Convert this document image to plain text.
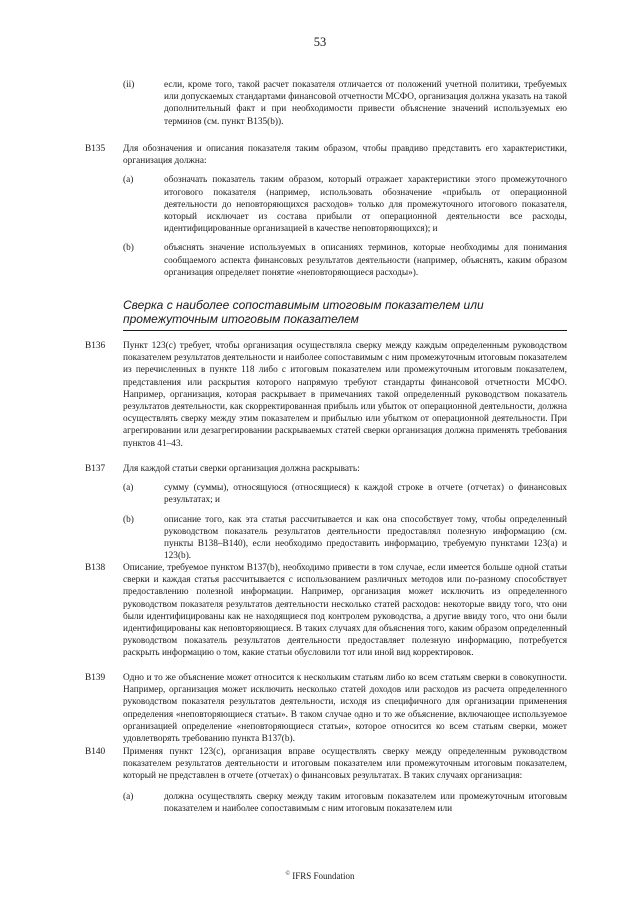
53
(ii)	если, кроме того, такой расчет показателя отличается от положений учетной политики, требуемых или допускаемых стандартами финансовой отчетности МСФО, организация должна указать на такой дополнительный факт и при необходимости привести объяснение значений используемых ею терминов (см. пункт B135(b)).
B135 Для обозначения и описания показателя таким образом, чтобы правдиво представить его характеристики, организация должна:
(a)	обозначать показатель таким образом, который отражает характеристики этого промежуточного итогового показателя (например, использовать обозначение «прибыль от операционной деятельности до неповторяющихся расходов» только для промежуточного итогового показателя, который исключает из состава прибыли от операционной деятельности все расходы, идентифицированные организацией в качестве неповторяющихся); и
(b)	объяснять значение используемых в описаниях терминов, которые необходимы для понимания сообщаемого аспекта финансовых результатов деятельности (например, объяснять, каким образом организация определяет понятие «неповторяющиеся расходы»).
Сверка с наиболее сопоставимым итоговым показателем или промежуточным итоговым показателем
B136 Пункт 123(c) требует, чтобы организация осуществляла сверку между каждым определенным руководством показателем результатов деятельности и наиболее сопоставимым с ним промежуточным итоговым показателем из перечисленных в пункте 118 либо с итоговым показателем или промежуточным итоговым показателем, представления или раскрытия которого напрямую требуют стандарты финансовой отчетности МСФО. Например, организация, которая раскрывает в примечаниях такой определенный руководством показатель результатов деятельности, как скорректированная прибыль или убыток от операционной деятельности, должна осуществлять сверку между этим показателем и прибылью или убытком от операционной деятельности. При агрегировании или дезагрегировании раскрываемых статей сверки организация должна применять требования пунктов 41–43.
B137 Для каждой статьи сверки организация должна раскрывать:
(a)	сумму (суммы), относящуюся (относящиеся) к каждой строке в отчете (отчетах) о финансовых результатах; и
(b)	описание того, как эта статья рассчитывается и как она способствует тому, чтобы определенный руководством показатель результатов деятельности предоставлял полезную информацию (см. пункты B138–B140), если необходимо предоставить информацию, требуемую пунктами 123(a) и 123(b).
B138 Описание, требуемое пунктом B137(b), необходимо привести в том случае, если имеется больше одной статьи сверки и каждая статья рассчитывается с использованием различных методов или по-разному способствует предоставлению полезной информации. Например, организация может исключить из определенного руководством показателя результатов деятельности несколько статей расходов: некоторые ввиду того, что они были идентифицированы как не находящиеся под контролем руководства, а другие ввиду того, что они были идентифицированы как неповторяющиеся. В таких случаях для объяснения того, каким образом определенный руководством показатель результатов деятельности предоставляет полезную информацию, потребуется раскрыть информацию о том, какие статьи обусловили тот или иной вид корректировок.
B139 Одно и то же объяснение может относится к нескольким статьям либо ко всем статьям сверки в совокупности. Например, организация может исключить несколько статей доходов или расходов из расчета определенного руководством показателя результатов деятельности, исходя из специфичного для организации применения определения «неповторяющиеся статьи». В таком случае одно и то же объяснение, включающее используемое организацией определение «неповторяющиеся статьи», которое относится ко всем статьям сверки, может удовлетворять требованию пункта B137(b).
B140 Применяя пункт 123(c), организация вправе осуществлять сверку между определенным руководством показателем результатов деятельности и итоговым показателем или промежуточным итоговым показателем, который не представлен в отчете (отчетах) о финансовых результатах. В таких случаях организация:
(a)	должна осуществлять сверку между таким итоговым показателем или промежуточным итоговым показателем и наиболее сопоставимым с ним итоговым показателем или
© IFRS Foundation
